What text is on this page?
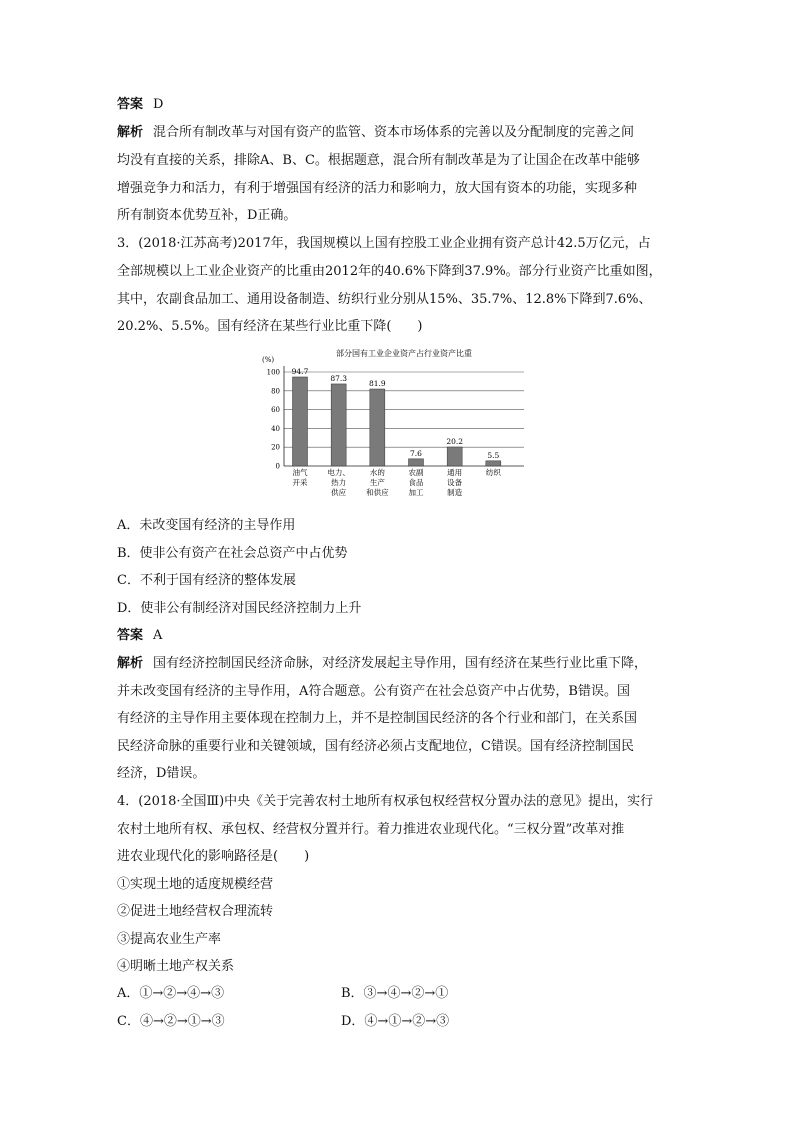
答案 D
解析 混合所有制改革与对国有资产的监管、资本市场体系的完善以及分配制度的完善之间
均没有直接的关系，排除A、B、C。根据题意，混合所有制改革是为了让国企在改革中能够
增强竞争力和活力，有利于增强国有经济的活力和影响力，放大国有资本的功能，实现多种
所有制资本优势互补，D正确。
3．(2018·江苏高考)2017年，我国规模以上国有控股工业企业拥有资产总计42.5万亿元，占
全部规模以上工业企业资产的比重由2012年的40.6%下降到37.9%。部分行业资产比重如图，
其中，农副食品加工、通用设备制造、纺织行业分别从15%、35.7%、12.8%下降到7.6%、
20.2%、5.5%。国有经济在某些行业比重下降(　　)
部分国有工业企业资产占行业资产比重
(%)
0
20
40
60
80
100 94.7
87.3
81.9
7.6
20.2
5.5
油气
开采
电力、
热力
供应
水的
生产
和供应
农副
食品
加工
通用
设备
制造
纺织
A．未改变国有经济的主导作用
B．使非公有资产在社会总资产中占优势
C．不利于国有经济的整体发展
D．使非公有制经济对国民经济控制力上升
答案 A
解析 国有经济控制国民经济命脉，对经济发展起主导作用，国有经济在某些行业比重下降，
并未改变国有经济的主导作用，A符合题意。公有资产在社会总资产中占优势，B错误。国
有经济的主导作用主要体现在控制力上，并不是控制国民经济的各个行业和部门，在关系国
民经济命脉的重要行业和关键领域，国有经济必须占支配地位，C错误。国有经济控制国民
经济，D错误。
4．(2018·全国Ⅲ)中央《关于完善农村土地所有权承包权经营权分置办法的意见》提出，实行
农村土地所有权、承包权、经营权分置并行。着力推进农业现代化。“三权分置”改革对推
进农业现代化的影响路径是(　　)
①实现土地的适度规模经营
②促进土地经营权合理流转
③提高农业生产率
④明晰土地产权关系
A．①→②→④→③	B．③→④→②→①
C．④→②→①→③	D．④→①→②→③
